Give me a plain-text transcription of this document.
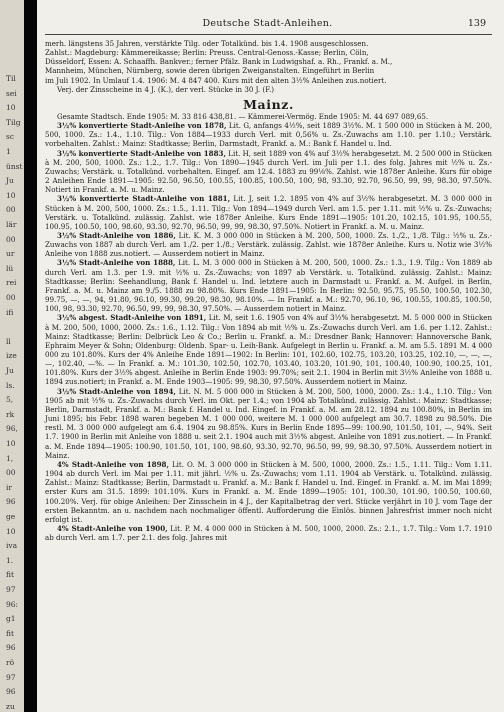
Til
sei
10
Tilg
sc
1
ünst
Ju
10
00
lär
00
ur
lü
rei
00
ifi
ll
ize
Ju
ls.
5,
rk
96,
10
1,
00
ir
96
ge
10
iva
1.
fit
97
96:
g1
fit
96
rö
97
96
zu
Deutsche Stadt-Anleihen.	139

merh. längstens 35 Jahren, verstärkte Tilg. oder Totalkünd. bis 1.4. 1908 ausgeschlossen.

Zahlst.: Magdeburg: Kämmereikasse; Berlin: Preuss. Central-Genoss.-Kasse; Berlin, Cöln,

Düsseldorf, Essen: A. Schaaffh. Bankver.; ferner Pfälz. Bank in Ludwigshaf. a. Rh., Frankf. a. M.,

Mannheim, München, Nürnberg, sowie deren übrigen Zweiganstalten. Eingeführt in Berlin

im Juli 1902. In Umlauf 1.4. 1906: M. 4 847 400. Kurs mit den alten 3½% Anleihen zus.notiert.

Verj. der Zinsscheine in 4 J. (K.), der verl. Stücke in 30 J. (F.)

Mainz.

Gesamte Stadtsch. Ende 1905: M. 33 816 438,81. — Kämmerei-Vermög. Ende 1905: M. 44 697 089,65.

3½% konvertierte Stadt-Anleihe von 1878, Lit. G, anfangs 4½%, seit 1889 3½%. M. 1 500 000 in Stücken à M. 200, 500, 1000. Zs.: 1.4., 1.10. Tilg.: Von 1884—1933 durch Verl. mit 0,56% u. Zs.-Zuwachs am 1.10. per 1.10.; Verstärk. vorbehalten. Zahlst.: Mainz: Stadtkasse; Berlin, Darmstadt, Frankf. a. M.: Bank f. Handel u. Ind.

3½% konvertierte Stadt-Anleihe von 1883, Lit. H, seit 1889 von 4% auf 3½% herabgesetzt. M. 2 500 000 in Stücken à M. 200, 500, 1000. Zs.: 1.2., 1.7. Tilg.: Von 1890—1945 durch Verl. im Juli per 1.1. des folg. Jahres mit ½% u. Zs.-Zuwachs; Verstärk. u. Totalkünd. vorbehalten. Eingef. am 12.4. 1883 zu 99⅛%. Zahlst. wie 1878er Anleihe. Kurs für obige 2 Anleihen Ende 1891—1905: 92.50, 96.50, 100.55, 100.85, 100.50, 100, 98, 93.30, 92.70, 96.50, 99, 99, 98.30, 97.50%. Notiert in Frankf. a. M. u. Mainz.

3½% konvertierte Stadt-Anleihe von 1881, Lit. J, seit 1.2. 1895 von 4% auf 3½% herabgesetzt. M. 3 000 000 in Stücken à M. 200, 500, 1000. Zs.: 1.5., 1.11. Tilg.: Von 1894—1949 durch Verl. am 1.5. per 1.11. mit ½% u. Zs.-Zuwachs; Verstärk. u. Totalkünd. zulässig. Zahlst. wie 1878er Anleihe. Kurs Ende 1891—1905: 101.20, 102.15, 101.95, 100.55, 100.95, 100.50, 100, 98.60, 93.30, 92.70, 96.50, 99, 99, 98.30, 97.50%. Notiert in Frankf. a. M. u. Mainz.

3½% Stadt-Anleihe von 1886, Lit. K. M. 3 000 000 in Stücken à M. 200, 500, 1000. Zs. 1./2., 1./8. Tilg.: ½% u. Zs.-Zuwachs von 1887 ab durch Verl. am 1./2. per 1./8.; Verstärk. zulässig. Zahlst. wie 1878er Anleihe. Kurs u. Notiz wie 3½% Anleihe von 1888 zus.notiert. — Ausserdem notiert in Mainz.

3½% Stadt-Anleihe von 1888, Lit. L. M. 3 000 000 in Stücken à M. 200, 500, 1000. Zs.: 1.3., 1.9. Tilg.: Von 1889 ab durch Verl. am 1.3. per 1.9. mit ½% u. Zs.-Zuwachs; von 1897 ab Verstärk. u. Totalkünd. zulässig. Zahlst.: Mainz: Stadtkasse; Berlin: Seehandlung, Bank f. Handel u. Ind. letztere auch in Darmstadt u. Frankf. a. M. Aufgel. in Berlin, Frankf. a. M. u. Mainz am 9./5. 1888 zu 98.80%. Kurs Ende 1891—1905: In Berlin: 92.50, 95.75, 95.50, 100.50, 102.30, 99.75, —, —, 94, 91.80, 96.10, 99.30, 99.20, 98.30, 98.10%. — In Frankf. a. M.: 92.70, 96.10, 96, 100.55, 100.85, 100.50, 100, 98, 93.30, 92.70, 96.50, 99, 99, 98.30, 97.50%. — Ausserdem notiert in Mainz.

3½% abgest. Stadt-Anleihe von 1891, Lit. M, seit 1.6. 1905 von 4% auf 3½% herabgesetzt. M. 5 000 000 in Stücken à M. 200, 500, 1000, 2000. Zs.: 1.6., 1.12. Tilg.: Von 1894 ab mit ½% u. Zs.-Zuwachs durch Verl. am 1.6. per 1.12. Zahlst.: Mainz: Stadtkasse; Berlin: Delbrück Leo & Co.; Berlin u. Frankf. a. M.: Dresdner Bank; Hannover: Hannoversche Bank, Ephraim Meyer & Sohn; Oldenburg: Oldenb. Spar- u. Leih-Bank. Aufgelegt in Berlin u. Frankf. a. M. am 5.5. 1891 M. 4 000 000 zu 101.80%. Kurs der 4% Anleihe Ende 1891—1902: In Berlin: 101, 102.60, 102.75, 103.20, 103.25, 102.10, —, —, —, —, 102.40, —%. — In Frankf. a. M.: 101.30, 102.50, 102.70, 103.40, 103.20, 101.90, 101, 100.40, 100.90, 100.25, 101, 101.80%. Kurs der 3½% abgest. Anleihe in Berlin Ende 1903: 99.70%; seit 2.1. 1904 in Berlin mit 3½% Anleihe von 1888 u. 1894 zus.notiert; in Frankf. a. M. Ende 1903—1905: 99, 98.30, 97.50%. Ausserdem notiert in Mainz.

3½% Stadt-Anleihe von 1894, Lit. N. M. 5 000 000 in Stücken à M. 200, 500, 1000, 2000. Zs.: 1.4., 1.10. Tilg.: Von 1905 ab mit ½% u. Zs.-Zuwachs durch Verl. im Okt. per 1.4.; von 1904 ab Totalkünd. zulässig. Zahlst.: Mainz: Stadtkasse; Berlin, Darmstadt, Frankf. a. M.: Bank f. Handel u. Ind. Eingef. in Frankf. a. M. am 28.12. 1894 zu 100.80%, in Berlin im Juni 1895; bis Febr. 1898 waren begeben M. 1 000 000, weitere M. 1 000 000 aufgelegt am 30.7. 1898 zu 98.50%. Die restl. M. 3 000 000 aufgelegt am 6.4. 1904 zu 98.85%. Kurs in Berlin Ende 1895—99: 100.90, 101.50, 101, —, 94%. Seit 1.7. 1900 in Berlin mit Anleihe von 1888 u. seit 2.1. 1904 auch mit 3½% abgest. Anleihe von 1891 zus.notiert. — In Frankf. a. M. Ende 1894—1905: 100.90, 101.50, 101, 100, 98.60, 93.30, 92.70, 96.50, 99, 99, 98.30, 97.50%. Ausserdem notiert in Mainz.

4% Stadt-Anleihe von 1898, Lit. O. M. 3 000 000 in Stücken à M. 500, 1000, 2000. Zs.: 1.5., 1.11. Tilg.: Vom 1.11. 1904 ab durch Verl. im Mai per 1.11. mit jährl. ½% u. Zs.-Zuwachs; vom 1.11. 1904 ab Verstärk. u. Totalkünd. zulässig. Zahlst.: Mainz: Stadtkasse; Berlin, Darmstadt u. Frankf. a. M.: Bank f. Handel u. Ind. Eingef. in Frankf. a. M. im Mai 1899; erster Kurs am 31.5. 1899: 101.10%. Kurs in Frankf. a. M. Ende 1899—1905: 101, 100.30, 101.90, 100.50, 100.60, 100.20%. Verj. für obige Anleihen: Der Zinsschein in 4 J., der Kapitalbetrag der verl. Stücke verjährt in 10 J. vom Tage der ersten Bekanntm. an u. nachdem nach nochmaliger öffentl. Aufforderung die Einlös. binnen Jahresfrist immer noch nicht erfolgt ist.

4% Stadt-Anleihe von 1900, Lit. P. M. 4 000 000 in Stücken à M. 500, 1000, 2000. Zs.: 2.1., 1.7. Tilg.: Vom 1.7. 1910 ab durch Verl. am 1.7. per 2.1. des folg. Jahres mit
